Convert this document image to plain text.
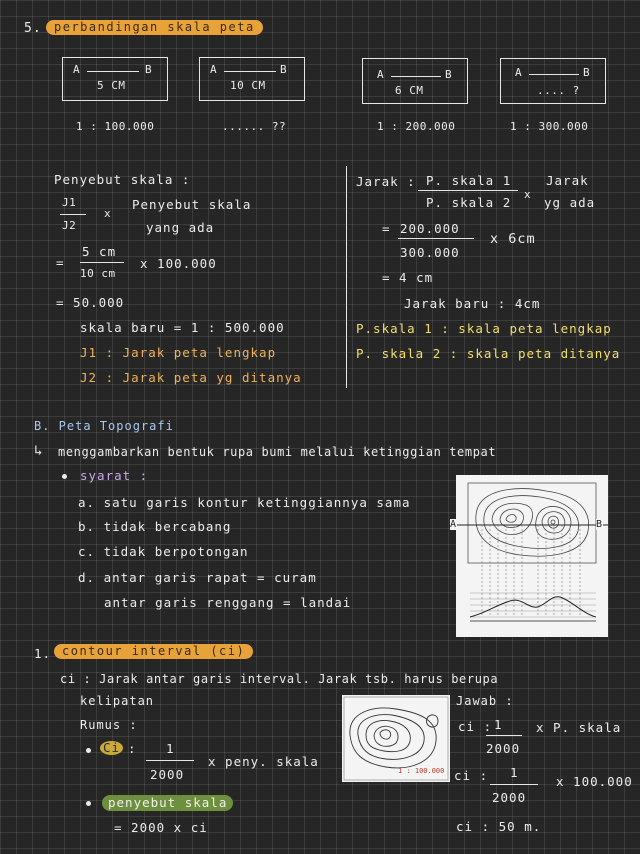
5.	perbandingan skala peta
A	B
5 CM
A	B
10 CM
A	B
6 CM
A	B
.... ?
1 : 100.000	...... ??	1 : 200.000	1 : 300.000
Penyebut skala :
J1
J2
x
Penyebut skala
yang ada
=
5 cm
10 cm
x 100.000
= 50.000
skala baru = 1 : 500.000
J1 : Jarak peta lengkap
J2 : Jarak peta yg ditanya
Jarak : P. skala 1
P. skala 2
x
Jarak
yg ada
= 200.000
300.000
x 6cm
= 4 cm
Jarak baru : 4cm
P.skala 1 : skala peta lengkap
P. skala 2 : skala peta ditanya
B. Peta Topografi
↳ menggambarkan bentuk rupa bumi melalui ketinggian tempat
syarat :
a. satu garis kontur ketinggiannya sama
b. tidak bercabang
c. tidak berpotongan
d. antar garis rapat = curam
antar garis renggang = landai
A	B
1. contour interval (ci)
ci : Jarak antar garis interval. Jarak tsb. harus berupa
kelipatan
Rumus :
Ci : 1
2000
x peny. skala
penyebut skala
= 2000 x ci
1 : 100.000
Jawab :
ci : 1
2000
x P. skala
ci : 1
2000
x 100.000
ci : 50 m.
